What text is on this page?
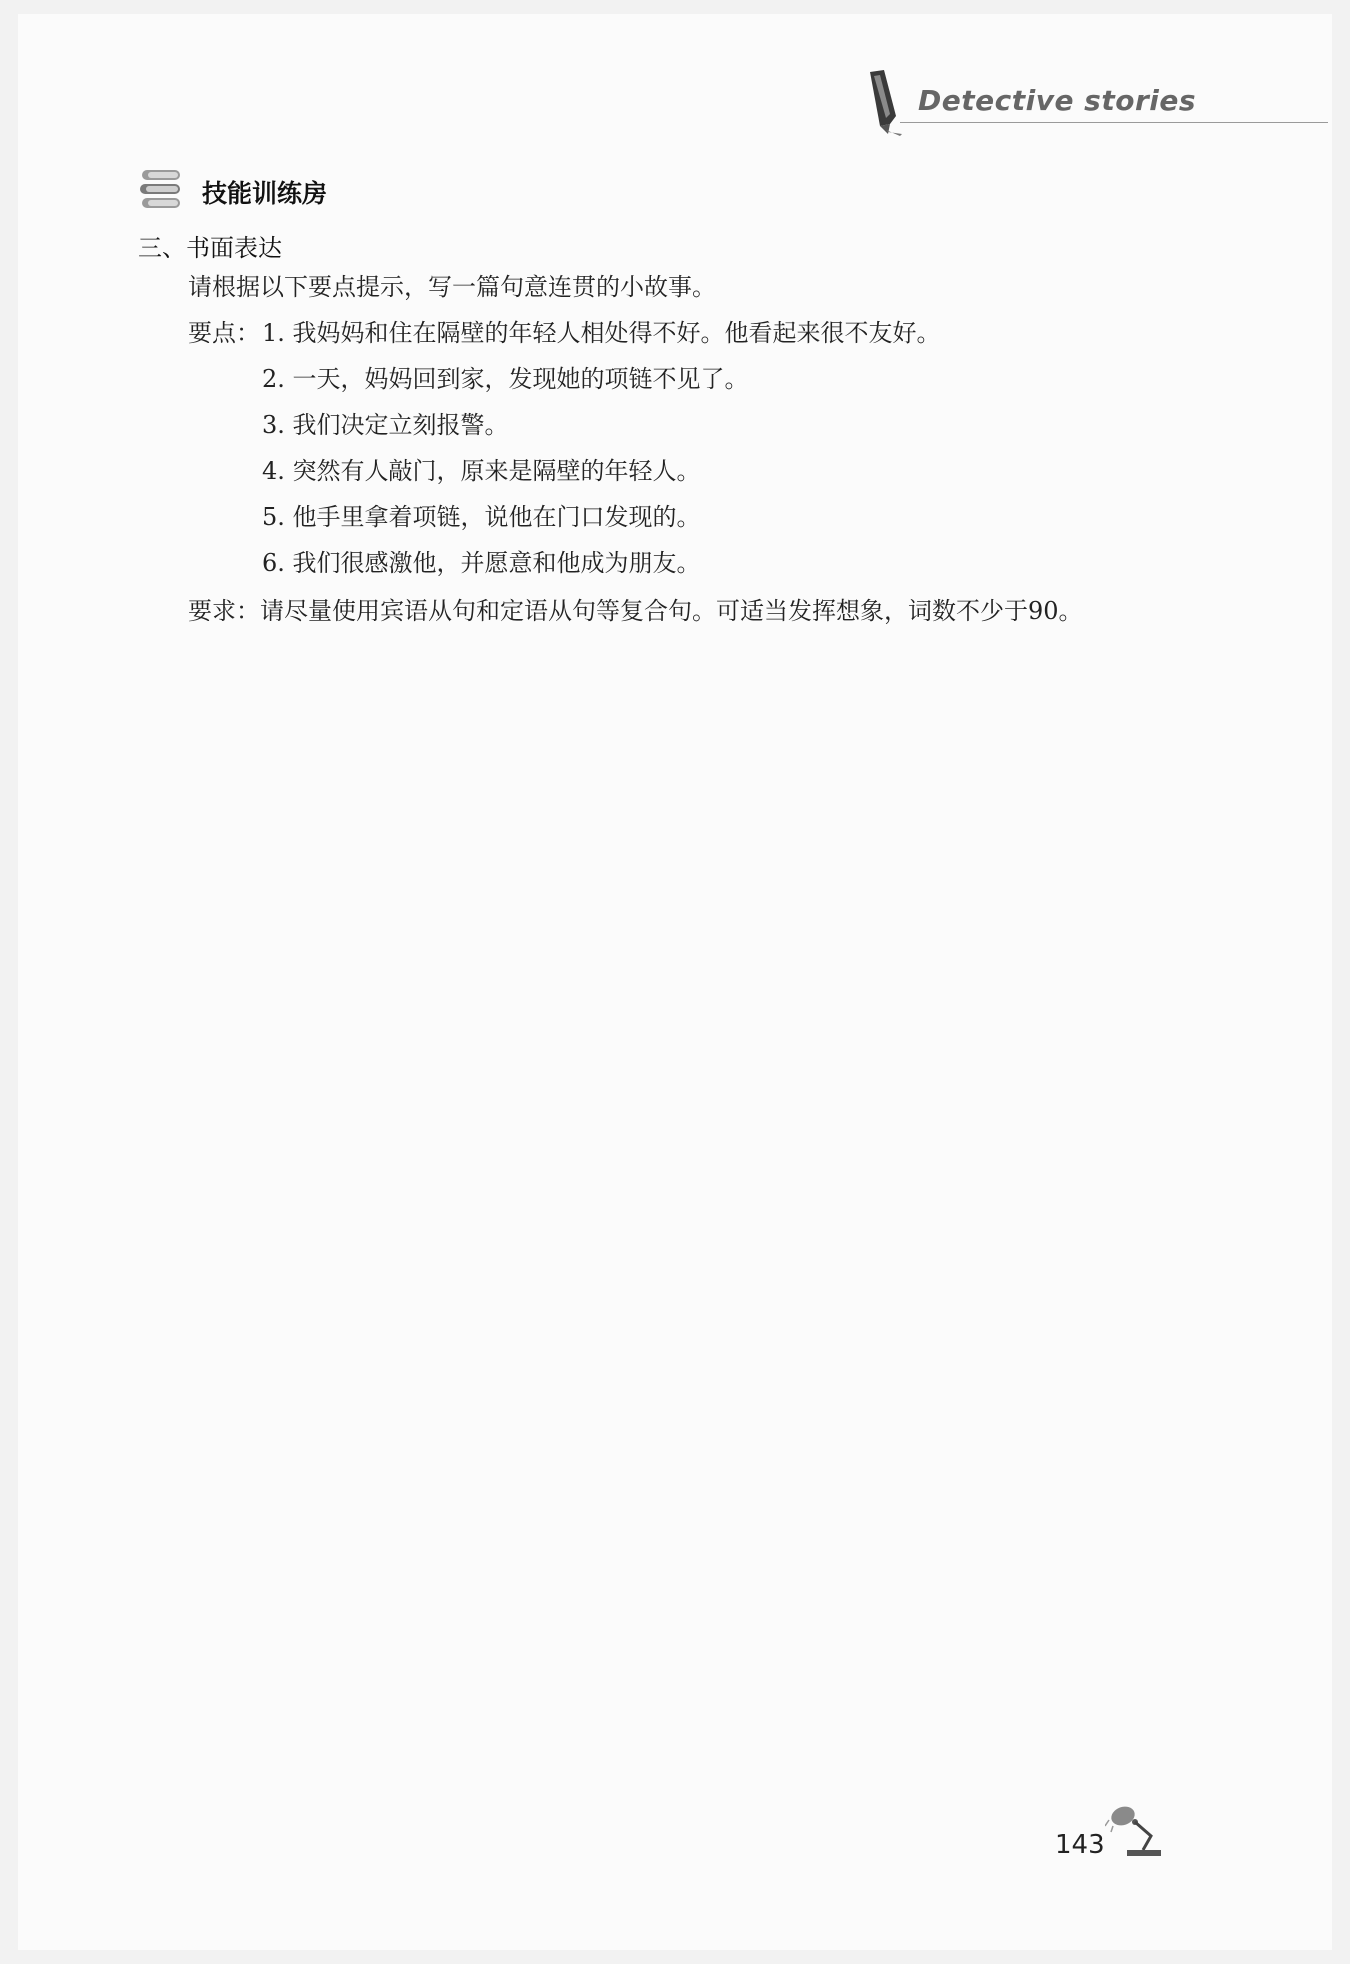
Detective stories
技能训练房
三、书面表达
请根据以下要点提示，写一篇句意连贯的小故事。
要点： 1. 我妈妈和住在隔壁的年轻人相处得不好。他看起来很不友好。
2. 一天，妈妈回到家，发现她的项链不见了。
3. 我们决定立刻报警。
4. 突然有人敲门，原来是隔壁的年轻人。
5. 他手里拿着项链，说他在门口发现的。
6. 我们很感激他，并愿意和他成为朋友。
要求：请尽量使用宾语从句和定语从句等复合句。可适当发挥想象，词数不少于90。
143
